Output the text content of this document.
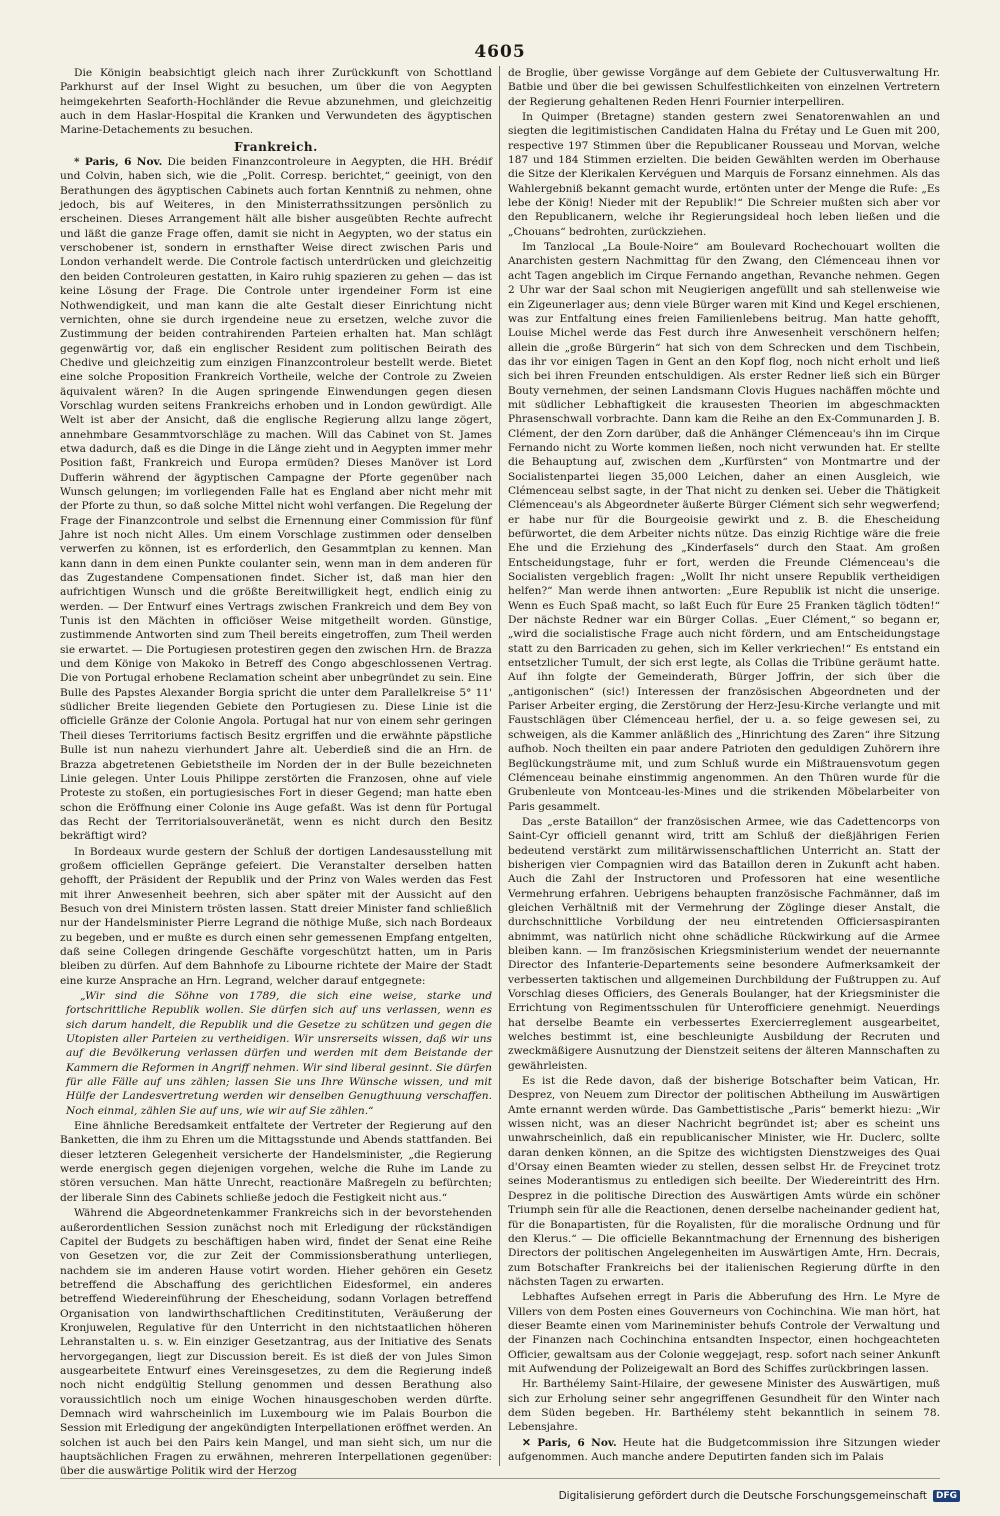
4605

Die Königin beabsichtigt gleich nach ihrer Zurückkunft von Schottland Parkhurst auf der Insel Wight zu besuchen, um über die von Aegypten heimgekehrten Seaforth-Hochländer die Revue abzunehmen, und gleichzeitig auch in dem Haslar-Hospital die Kranken und Verwundeten des ägyptischen Marine-Detachements zu besuchen.

Frankreich.

* Paris, 6 Nov. Die beiden Finanzcontroleure in Aegypten, die HH. Brédif und Colvin, haben sich, wie die „Polit. Corresp. berichtet,“ geeinigt, von den Berathungen des ägyptischen Cabinets auch fortan Kenntniß zu nehmen, ohne jedoch, bis auf Weiteres, in den Ministerrathssitzungen persönlich zu erscheinen. Dieses Arrangement hält alle bisher ausgeübten Rechte aufrecht und läßt die ganze Frage offen, damit sie nicht in Aegypten, wo der status ein verschobener ist, sondern in ernsthafter Weise direct zwischen Paris und London verhandelt werde. Die Controle factisch unterdrücken und gleichzeitig den beiden Controleuren gestatten, in Kairo ruhig spazieren zu gehen — das ist keine Lösung der Frage. Die Controle unter irgendeiner Form ist eine Nothwendigkeit, und man kann die alte Gestalt dieser Einrichtung nicht vernichten, ohne sie durch irgendeine neue zu ersetzen, welche zuvor die Zustimmung der beiden contrahirenden Parteien erhalten hat. Man schlägt gegenwärtig vor, daß ein englischer Resident zum politischen Beirath des Chedive und gleichzeitig zum einzigen Finanzcontroleur bestellt werde. Bietet eine solche Proposition Frankreich Vortheile, welche der Controle zu Zweien äquivalent wären? In die Augen springende Einwendungen gegen diesen Vorschlag wurden seitens Frankreichs erhoben und in London gewürdigt. Alle Welt ist aber der Ansicht, daß die englische Regierung allzu lange zögert, annehmbare Gesammtvorschläge zu machen. Will das Cabinet von St. James etwa dadurch, daß es die Dinge in die Länge zieht und in Aegypten immer mehr Position faßt, Frankreich und Europa ermüden? Dieses Manöver ist Lord Dufferin während der ägyptischen Campagne der Pforte gegenüber nach Wunsch gelungen; im vorliegenden Falle hat es England aber nicht mehr mit der Pforte zu thun, so daß solche Mittel nicht wohl verfangen. Die Regelung der Frage der Finanzcontrole und selbst die Ernennung einer Commission für fünf Jahre ist noch nicht Alles. Um einem Vorschlage zustimmen oder denselben verwerfen zu können, ist es erforderlich, den Gesammtplan zu kennen. Man kann dann in dem einen Punkte coulanter sein, wenn man in dem anderen für das Zugestandene Compensationen findet. Sicher ist, daß man hier den aufrichtigen Wunsch und die größte Bereitwilligkeit hegt, endlich einig zu werden. — Der Entwurf eines Vertrags zwischen Frankreich und dem Bey von Tunis ist den Mächten in officiöser Weise mitgetheilt worden. Günstige, zustimmende Antworten sind zum Theil bereits eingetroffen, zum Theil werden sie erwartet. — Die Portugiesen protestiren gegen den zwischen Hrn. de Brazza und dem Könige von Makoko in Betreff des Congo abgeschlossenen Vertrag. Die von Portugal erhobene Reclamation scheint aber unbegründet zu sein. Eine Bulle des Papstes Alexander Borgia spricht die unter dem Parallelkreise 5° 11' südlicher Breite liegenden Gebiete den Portugiesen zu. Diese Linie ist die officielle Gränze der Colonie Angola. Portugal hat nur von einem sehr geringen Theil dieses Territoriums factisch Besitz ergriffen und die erwähnte päpstliche Bulle ist nun nahezu vierhundert Jahre alt. Ueberdieß sind die an Hrn. de Brazza abgetretenen Gebietstheile im Norden der in der Bulle bezeichneten Linie gelegen. Unter Louis Philippe zerstörten die Franzosen, ohne auf viele Proteste zu stoßen, ein portugiesisches Fort in dieser Gegend; man hatte eben schon die Eröffnung einer Colonie ins Auge gefaßt. Was ist denn für Portugal das Recht der Territorialsouveränetät, wenn es nicht durch den Besitz bekräftigt wird?

In Bordeaux wurde gestern der Schluß der dortigen Landesausstellung mit großem officiellen Gepränge gefeiert. Die Veranstalter derselben hatten gehofft, der Präsident der Republik und der Prinz von Wales werden das Fest mit ihrer Anwesenheit beehren, sich aber später mit der Aussicht auf den Besuch von drei Ministern trösten lassen. Statt dreier Minister fand schließlich nur der Handelsminister Pierre Legrand die nöthige Muße, sich nach Bordeaux zu begeben, und er mußte es durch einen sehr gemessenen Empfang entgelten, daß seine Collegen dringende Geschäfte vorgeschützt hatten, um in Paris bleiben zu dürfen. Auf dem Bahnhofe zu Libourne richtete der Maire der Stadt eine kurze Ansprache an Hrn. Legrand, welcher darauf entgegnete:

„Wir sind die Söhne von 1789, die sich eine weise, starke und fortschrittliche Republik wollen. Sie dürfen sich auf uns verlassen, wenn es sich darum handelt, die Republik und die Gesetze zu schützen und gegen die Utopisten aller Parteien zu vertheidigen. Wir unsrerseits wissen, daß wir uns auf die Bevölkerung verlassen dürfen und werden mit dem Beistande der Kammern die Reformen in Angriff nehmen. Wir sind liberal gesinnt. Sie dürfen für alle Fälle auf uns zählen; lassen Sie uns Ihre Wünsche wissen, und mit Hülfe der Landesvertretung werden wir denselben Genugthuung verschaffen. Noch einmal, zählen Sie auf uns, wie wir auf Sie zählen.“

Eine ähnliche Beredsamkeit entfaltete der Vertreter der Regierung auf den Banketten, die ihm zu Ehren um die Mittagsstunde und Abends stattfanden. Bei dieser letzteren Gelegenheit versicherte der Handelsminister, „die Regierung werde energisch gegen diejenigen vorgehen, welche die Ruhe im Lande zu stören versuchen. Man hätte Unrecht, reactionäre Maßregeln zu befürchten; der liberale Sinn des Cabinets schließe jedoch die Festigkeit nicht aus.“

Während die Abgeordnetenkammer Frankreichs sich in der bevorstehenden außerordentlichen Session zunächst noch mit Erledigung der rückständigen Capitel der Budgets zu beschäftigen haben wird, findet der Senat eine Reihe von Gesetzen vor, die zur Zeit der Commissionsberathung unterliegen, nachdem sie im anderen Hause votirt worden. Hieher gehören ein Gesetz betreffend die Abschaffung des gerichtlichen Eidesformel, ein anderes betreffend Wiedereinführung der Ehescheidung, sodann Vorlagen betreffend Organisation von landwirthschaftlichen Creditinstituten, Veräußerung der Kronjuwelen, Regulative für den Unterricht in den nichtstaatlichen höheren Lehranstalten u. s. w. Ein einziger Gesetzantrag, aus der Initiative des Senats hervorgegangen, liegt zur Discussion bereit. Es ist dieß der von Jules Simon ausgearbeitete Entwurf eines Vereinsgesetzes, zu dem die Regierung indeß noch nicht endgültig Stellung genommen und dessen Berathung also voraussichtlich noch um einige Wochen hinausgeschoben werden dürfte. Demnach wird wahrscheinlich im Luxembourg wie im Palais Bourbon die Session mit Erledigung der angekündigten Interpellationen eröffnet werden. An solchen ist auch bei den Pairs kein Mangel, und man sieht sich, um nur die hauptsächlichen Fragen zu erwähnen, mehreren Interpellationen gegenüber: über die auswärtige Politik wird der Herzog

de Broglie, über gewisse Vorgänge auf dem Gebiete der Cultusverwaltung Hr. Batbie und über die bei gewissen Schulfestlichkeiten von einzelnen Vertretern der Regierung gehaltenen Reden Henri Fournier interpelliren.

In Quimper (Bretagne) standen gestern zwei Senatorenwahlen an und siegten die legitimistischen Candidaten Halna du Frétay und Le Guen mit 200, respective 197 Stimmen über die Republicaner Rousseau und Morvan, welche 187 und 184 Stimmen erzielten. Die beiden Gewählten werden im Oberhause die Sitze der Klerikalen Kervéguen und Marquis de Forsanz einnehmen. Als das Wahlergebniß bekannt gemacht wurde, ertönten unter der Menge die Rufe: „Es lebe der König! Nieder mit der Republik!“ Die Schreier mußten sich aber vor den Republicanern, welche ihr Regierungsideal hoch leben ließen und die „Chouans“ bedrohten, zurückziehen.

Im Tanzlocal „La Boule-Noire“ am Boulevard Rochechouart wollten die Anarchisten gestern Nachmittag für den Zwang, den Clémenceau ihnen vor acht Tagen angeblich im Cirque Fernando angethan, Revanche nehmen. Gegen 2 Uhr war der Saal schon mit Neugierigen angefüllt und sah stellenweise wie ein Zigeunerlager aus; denn viele Bürger waren mit Kind und Kegel erschienen, was zur Entfaltung eines freien Familienlebens beitrug. Man hatte gehofft, Louise Michel werde das Fest durch ihre Anwesenheit verschönern helfen; allein die „große Bürgerin“ hat sich von dem Schrecken und dem Tischbein, das ihr vor einigen Tagen in Gent an den Kopf flog, noch nicht erholt und ließ sich bei ihren Freunden entschuldigen. Als erster Redner ließ sich ein Bürger Bouty vernehmen, der seinen Landsmann Clovis Hugues nachäffen möchte und mit südlicher Lebhaftigkeit die krausesten Theorien im abgeschmackten Phrasenschwall vorbrachte. Dann kam die Reihe an den Ex-Communarden J. B. Clément, der den Zorn darüber, daß die Anhänger Clémenceau's ihn im Cirque Fernando nicht zu Worte kommen ließen, noch nicht verwunden hat. Er stellte die Behauptung auf, zwischen dem „Kurfürsten“ von Montmartre und der Socialistenpartei liegen 35,000 Leichen, daher an einen Ausgleich, wie Clémenceau selbst sagte, in der That nicht zu denken sei. Ueber die Thätigkeit Clémenceau's als Abgeordneter äußerte Bürger Clément sich sehr wegwerfend; er habe nur für die Bourgeoisie gewirkt und z. B. die Ehescheidung befürwortet, die dem Arbeiter nichts nütze. Das einzig Richtige wäre die freie Ehe und die Erziehung des „Kinderfasels“ durch den Staat. Am großen Entscheidungstage, fuhr er fort, werden die Freunde Clémenceau's die Socialisten vergeblich fragen: „Wollt Ihr nicht unsere Republik vertheidigen helfen?“ Man werde ihnen antworten: „Eure Republik ist nicht die unserige. Wenn es Euch Spaß macht, so laßt Euch für Eure 25 Franken täglich tödten!“ Der nächste Redner war ein Bürger Collas. „Euer Clément,“ so begann er, „wird die socialistische Frage auch nicht fördern, und am Entscheidungstage statt zu den Barricaden zu gehen, sich im Keller verkriechen!“ Es entstand ein entsetzlicher Tumult, der sich erst legte, als Collas die Tribüne geräumt hatte. Auf ihn folgte der Gemeinderath, Bürger Joffrin, der sich über die „antigonischen“ (sic!) Interessen der französischen Abgeordneten und der Pariser Arbeiter erging, die Zerstörung der Herz-Jesu-Kirche verlangte und mit Faustschlägen über Clémenceau herfiel, der u. a. so feige gewesen sei, zu schweigen, als die Kammer anläßlich des „Hinrichtung des Zaren“ ihre Sitzung aufhob. Noch theilten ein paar andere Patrioten den geduldigen Zuhörern ihre Beglückungsträume mit, und zum Schluß wurde ein Mißtrauensvotum gegen Clémenceau beinahe einstimmig angenommen. An den Thüren wurde für die Grubenleute von Montceau-les-Mines und die strikenden Möbelarbeiter von Paris gesammelt.

Das „erste Bataillon“ der französischen Armee, wie das Cadettencorps von Saint-Cyr officiell genannt wird, tritt am Schluß der dießjährigen Ferien bedeutend verstärkt zum militärwissenschaftlichen Unterricht an. Statt der bisherigen vier Compagnien wird das Bataillon deren in Zukunft acht haben. Auch die Zahl der Instructoren und Professoren hat eine wesentliche Vermehrung erfahren. Uebrigens behaupten französische Fachmänner, daß im gleichen Verhältniß mit der Vermehrung der Zöglinge dieser Anstalt, die durchschnittliche Vorbildung der neu eintretenden Officiersaspiranten abnimmt, was natürlich nicht ohne schädliche Rückwirkung auf die Armee bleiben kann. — Im französischen Kriegsministerium wendet der neuernannte Director des Infanterie-Departements seine besondere Aufmerksamkeit der verbesserten taktischen und allgemeinen Durchbildung der Fußtruppen zu. Auf Vorschlag dieses Officiers, des Generals Boulanger, hat der Kriegsminister die Errichtung von Regimentsschulen für Unterofficiere genehmigt. Neuerdings hat derselbe Beamte ein verbessertes Exercierreglement ausgearbeitet, welches bestimmt ist, eine beschleunigte Ausbildung der Recruten und zweckmäßigere Ausnutzung der Dienstzeit seitens der älteren Mannschaften zu gewährleisten.

Es ist die Rede davon, daß der bisherige Botschafter beim Vatican, Hr. Desprez, von Neuem zum Director der politischen Abtheilung im Auswärtigen Amte ernannt werden würde. Das Gambettistische „Paris“ bemerkt hiezu: „Wir wissen nicht, was an dieser Nachricht begründet ist; aber es scheint uns unwahrscheinlich, daß ein republicanischer Minister, wie Hr. Duclerc, sollte daran denken können, an die Spitze des wichtigsten Dienstzweiges des Quai d'Orsay einen Beamten wieder zu stellen, dessen selbst Hr. de Freycinet trotz seines Moderantismus zu entledigen sich beeilte. Der Wiedereintritt des Hrn. Desprez in die politische Direction des Auswärtigen Amts würde ein schöner Triumph sein für alle die Reactionen, denen derselbe nacheinander gedient hat, für die Bonapartisten, für die Royalisten, für die moralische Ordnung und für den Klerus.“ — Die officielle Bekanntmachung der Ernennung des bisherigen Directors der politischen Angelegenheiten im Auswärtigen Amte, Hrn. Decrais, zum Botschafter Frankreichs bei der italienischen Regierung dürfte in den nächsten Tagen zu erwarten.

Lebhaftes Aufsehen erregt in Paris die Abberufung des Hrn. Le Myre de Villers von dem Posten eines Gouverneurs von Cochinchina. Wie man hört, hat dieser Beamte einen vom Marineminister behufs Controle der Verwaltung und der Finanzen nach Cochinchina entsandten Inspector, einen hochgeachteten Officier, gewaltsam aus der Colonie weggejagt, resp. sofort nach seiner Ankunft mit Aufwendung der Polizeigewalt an Bord des Schiffes zurückbringen lassen.

Hr. Barthélemy Saint-Hilaire, der gewesene Minister des Auswärtigen, muß sich zur Erholung seiner sehr angegriffenen Gesundheit für den Winter nach dem Süden begeben. Hr. Barthélemy steht bekanntlich in seinem 78. Lebensjahre.

✕ Paris, 6 Nov. Heute hat die Budgetcommission ihre Sitzungen wieder aufgenommen. Auch manche andere Deputirten fanden sich im Palais

Digitalisierung gefördert durch die Deutsche Forschungsgemeinschaft	DFG
